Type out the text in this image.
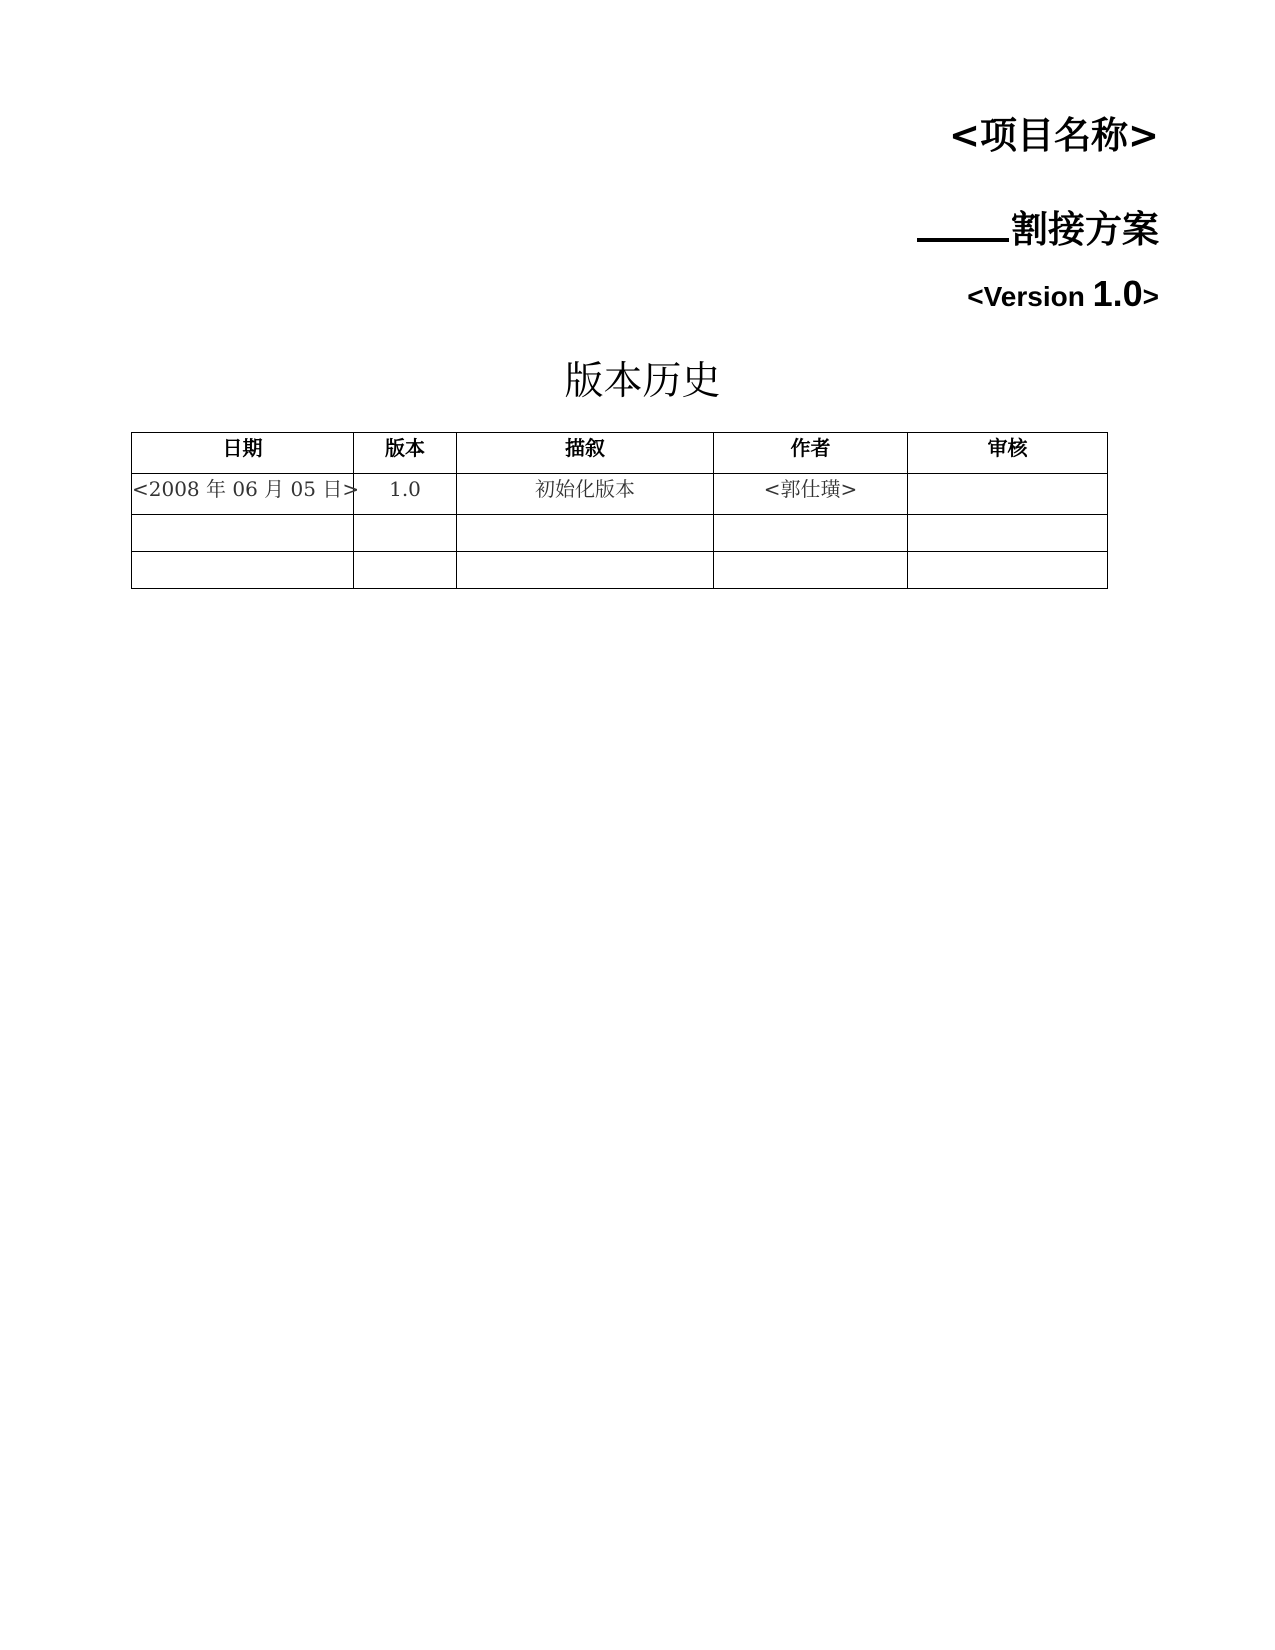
<项目名称>
割接方案
<Version 1.0>
版本历史
日期	版本	描叙	作者	审核
<2008 年 06 月 05 日>	1.0	初始化版本	<郭仕璜>	
